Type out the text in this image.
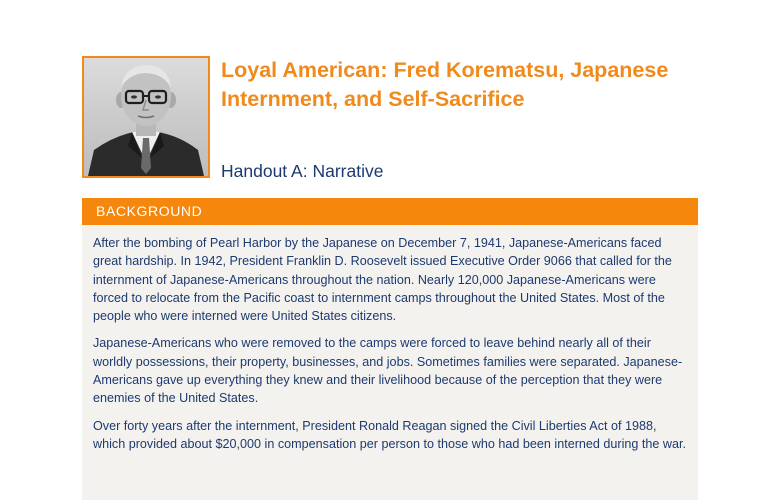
Loyal American: Fred Korematsu, Japanese Internment, and Self-Sacrifice
Handout A: Narrative
BACKGROUND

After the bombing of Pearl Harbor by the Japanese on December 7, 1941, Japanese-Americans faced great hardship. In 1942, President Franklin D. Roosevelt issued Executive Order 9066 that called for the internment of Japanese-Americans throughout the nation. Nearly 120,000 Japanese-Americans were forced to relocate from the Pacific coast to internment camps throughout the United States. Most of the people who were interned were United States citizens.

Japanese-Americans who were removed to the camps were forced to leave behind nearly all of their worldly possessions, their property, businesses, and jobs. Sometimes families were separated. Japanese-Americans gave up everything they knew and their livelihood because of the perception that they were enemies of the United States.

Over forty years after the internment, President Ronald Reagan signed the Civil Liberties Act of 1988, which provided about $20,000 in compensation per person to those who had been interned during the war.
